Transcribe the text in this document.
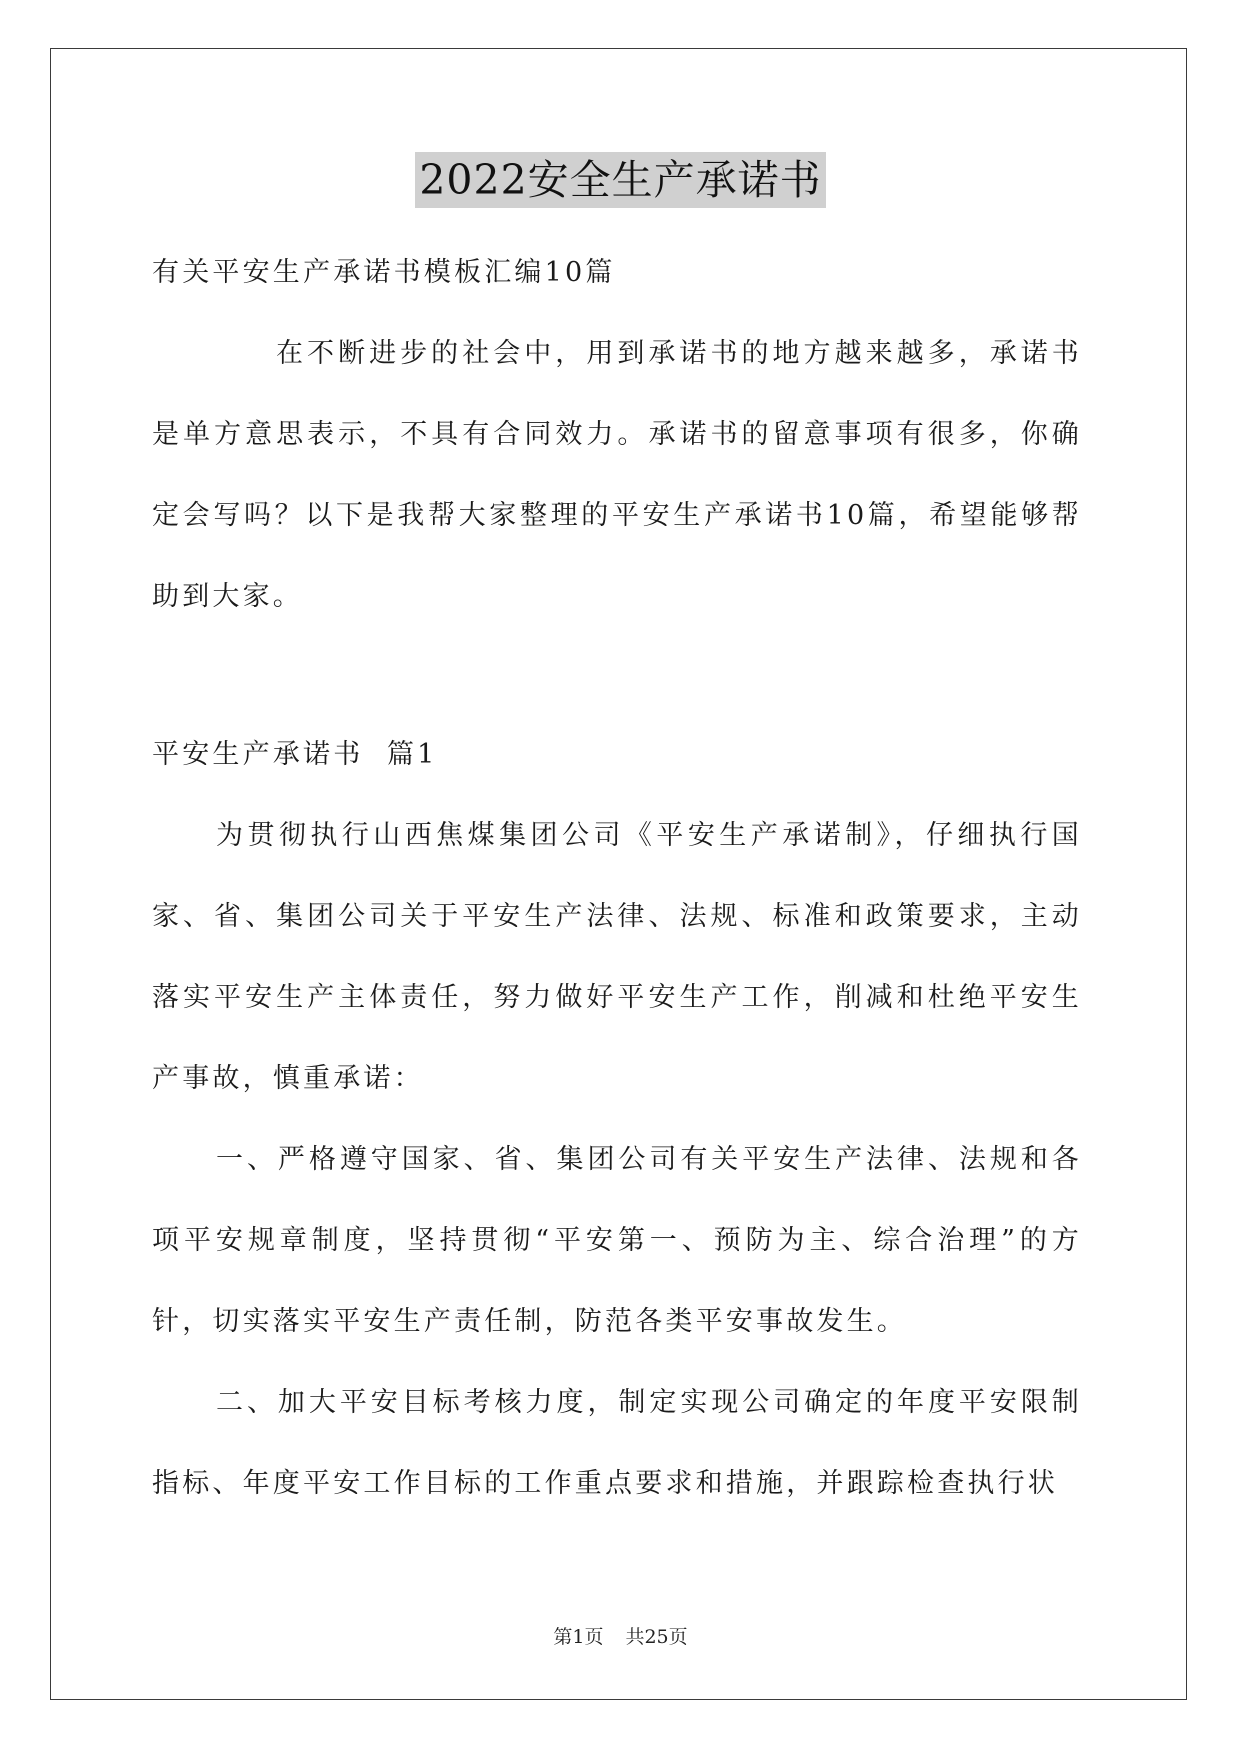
2022安全生产承诺书

有关平安生产承诺书模板汇编10篇

在不断进步的社会中，用到承诺书的地方越来越多，承诺书是单方意思表示，不具有合同效力。承诺书的留意事项有很多，你确定会写吗？以下是我帮大家整理的平安生产承诺书10篇，希望能够帮助到大家。

平安生产承诺书  篇1

为贯彻执行山西焦煤集团公司《平安生产承诺制》，仔细执行国家、省、集团公司关于平安生产法律、法规、标准和政策要求，主动落实平安生产主体责任，努力做好平安生产工作，削减和杜绝平安生产事故，慎重承诺：

一、严格遵守国家、省、集团公司有关平安生产法律、法规和各项平安规章制度，坚持贯彻“平安第一、预防为主、综合治理”的方针，切实落实平安生产责任制，防范各类平安事故发生。

二、加大平安目标考核力度，制定实现公司确定的年度平安限制指标、年度平安工作目标的工作重点要求和措施，并跟踪检查执行状

第1页 共25页
